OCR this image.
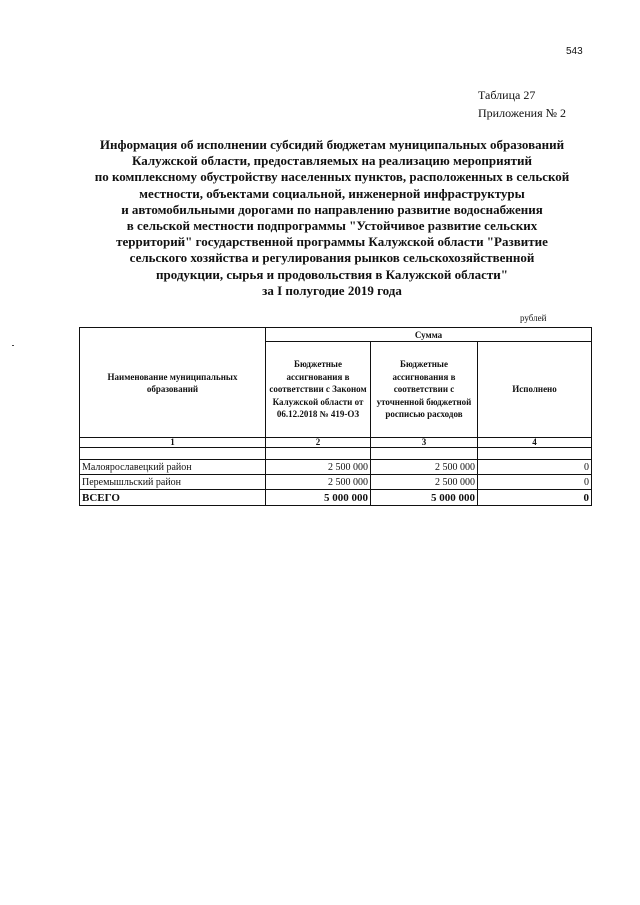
543
Таблица 27
Приложения № 2
Информация об исполнении субсидий бюджетам муниципальных образований
Калужской области, предоставляемых на реализацию мероприятий
по комплексному обустройству населенных пунктов, расположенных в сельской
местности, объектами социальной, инженерной инфраструктуры
и автомобильными дорогами по направлению развитие водоснабжения
в сельской местности подпрограммы "Устойчивое развитие сельских
территорий" государственной программы Калужской области "Развитие
сельского хозяйства и регулирования рынков сельскохозяйственной
продукции, сырья и продовольствия в Калужской области"
за I полугодие 2019 года
рублей
Наименование муниципальных образований	Сумма		
	Бюджетные ассигнования в соответствии с Законом Калужской области от 06.12.2018 № 419-ОЗ	Бюджетные ассигнования в соответствии с уточненной бюджетной росписью расходов	Исполнено
1	2	3	4

Малоярославецкий район	2 500 000	2 500 000	0
Перемышльский район	2 500 000	2 500 000	0
ВСЕГО	5 000 000	5 000 000	0
